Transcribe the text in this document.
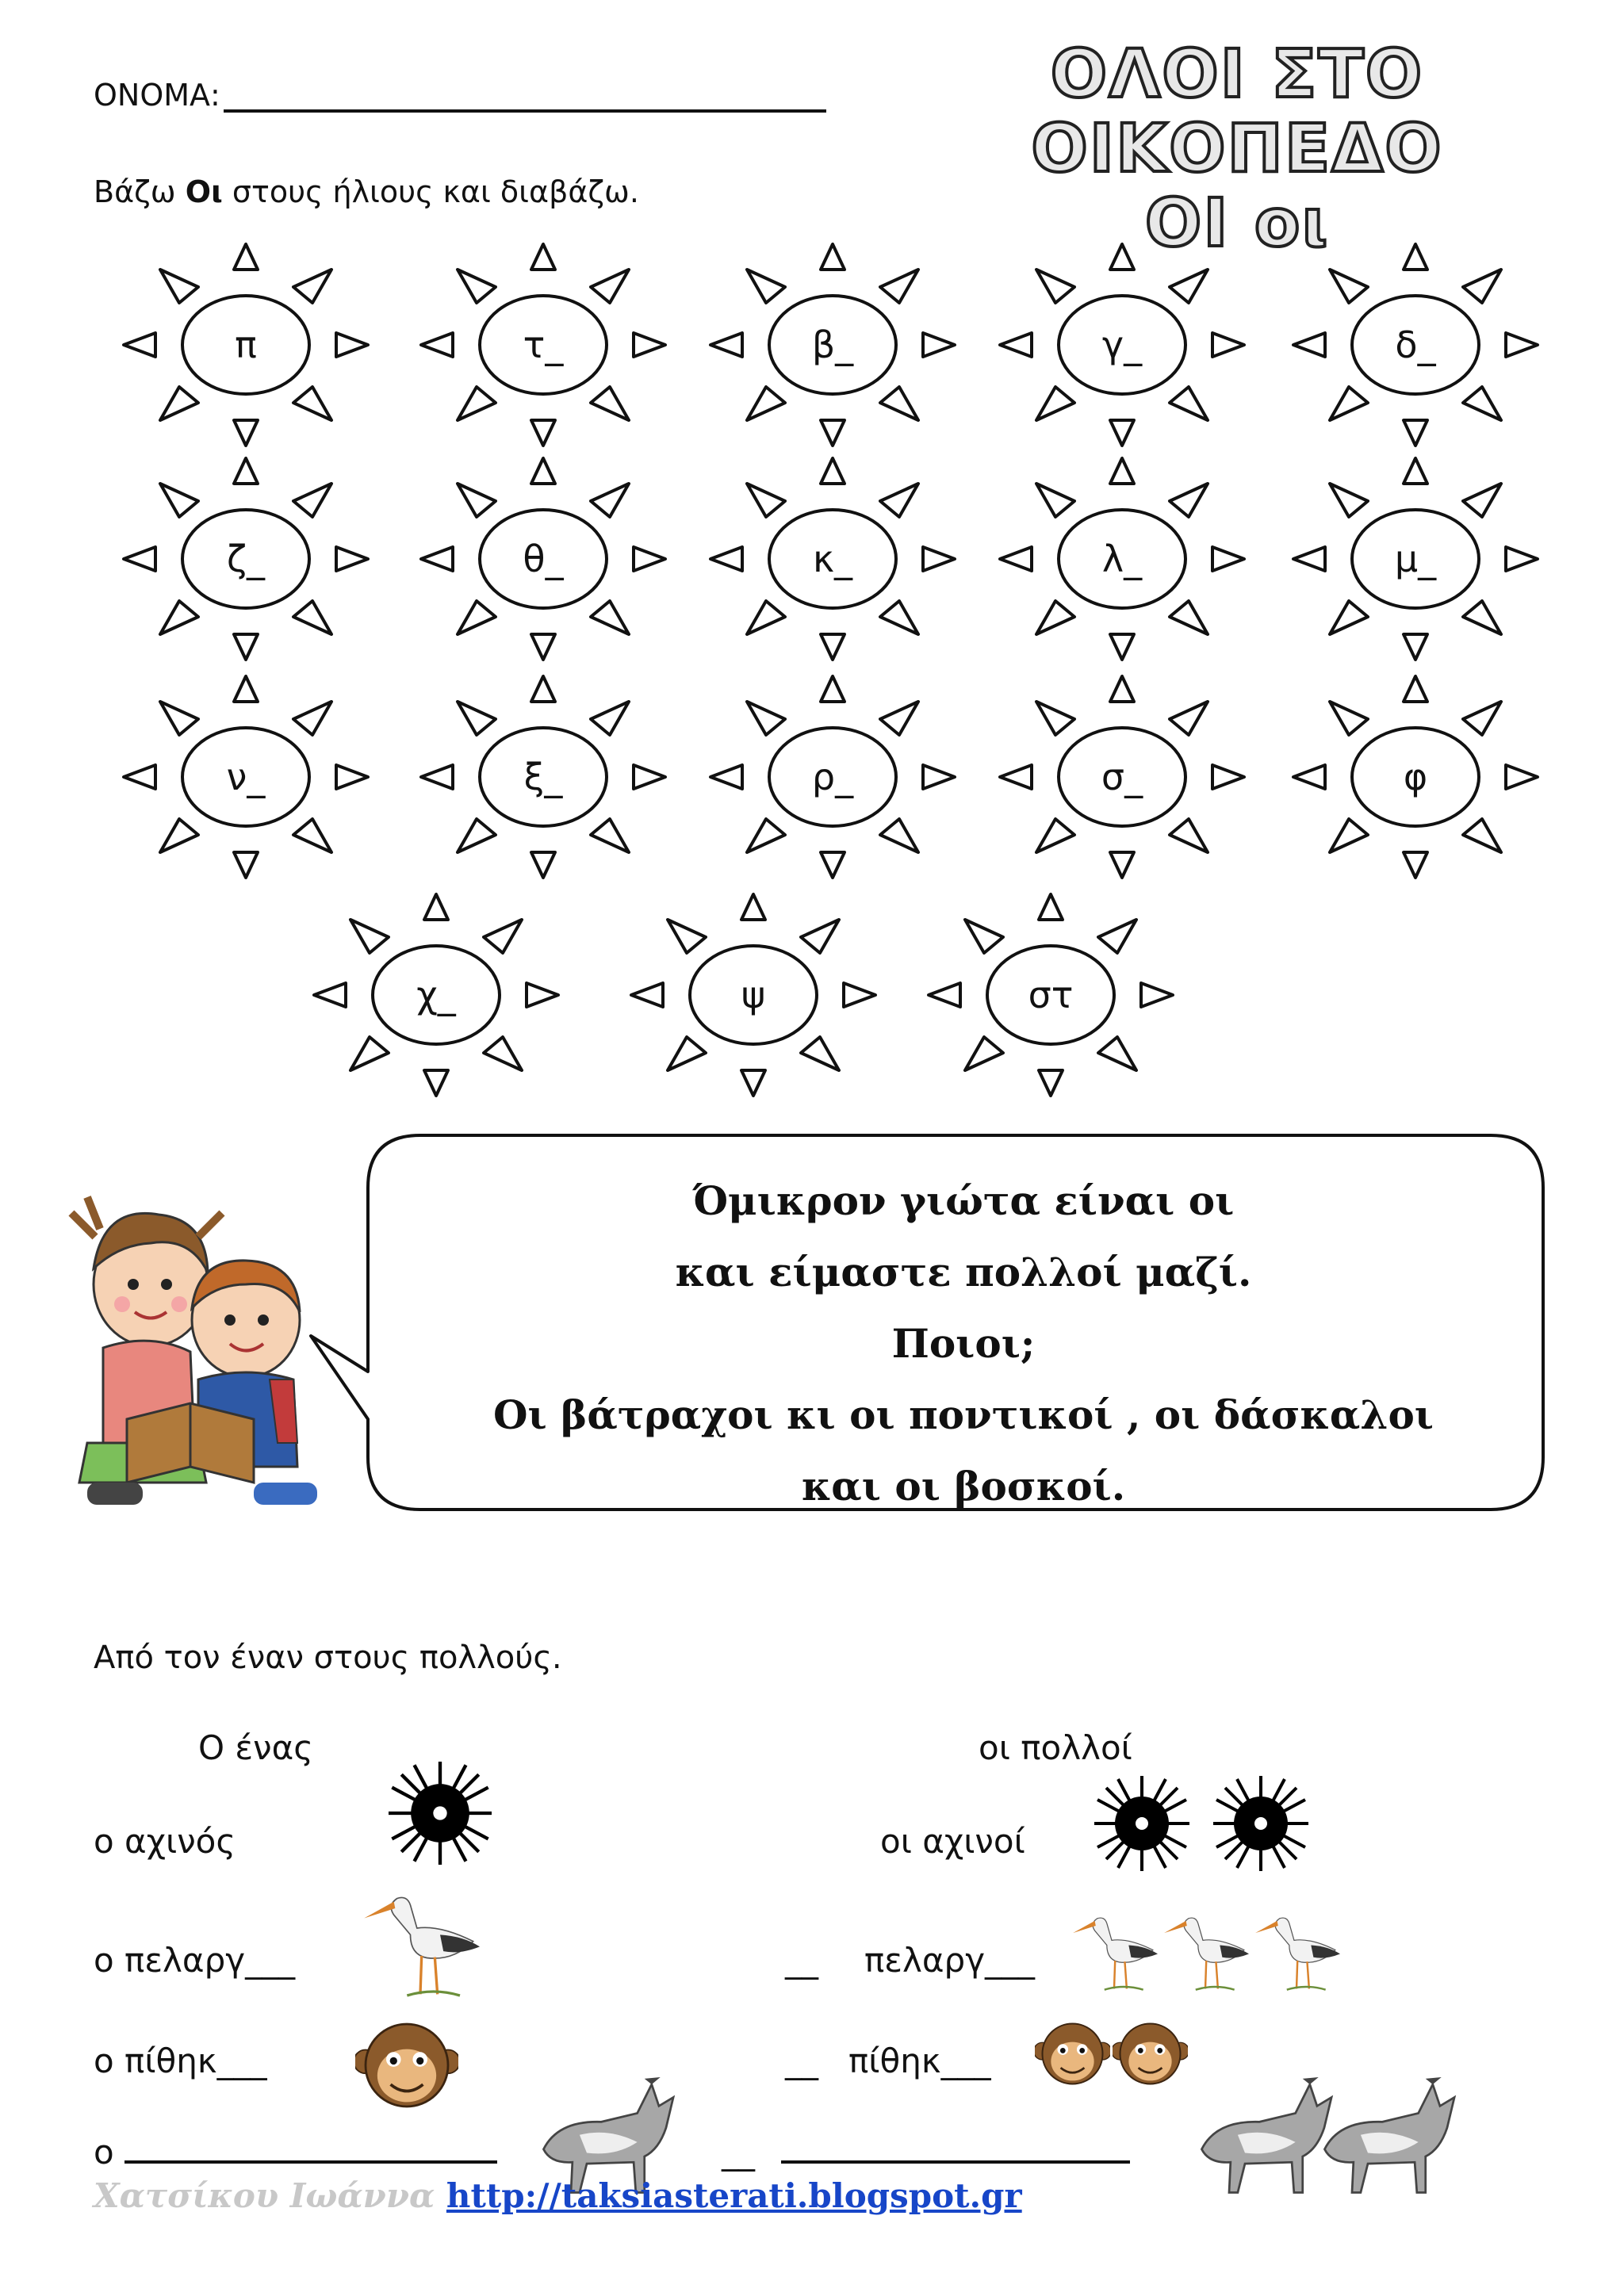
ΟΝΟΜΑ:	ΟΛΟΙ ΣΤΟ ΟΙΚΟΠΕΔΟ
ΟΙ οι
Βάζω Οι στους ήλιους και διαβάζω.
π	τ_	β_	γ_	δ_
ζ_	θ_	κ_	λ_	μ_
ν_	ξ_	ρ_	σ_	φ
χ_	ψ	στ
Όμικρον γιώτα είναι οι
και είμαστε πολλοί μαζί.
Ποιοι;
Οι βάτραχοι κι οι ποντικοί , οι δάσκαλοι
και οι βοσκοί.
Από τον έναν στους πολλούς.
Ο ένας	οι πολλοί
ο αχινός	οι αχινοί
ο πελαργ___	__ πελαργ___
ο πίθηκ___	__ πίθηκ___
ο	__
Χατσίκου Ιωάννα http://taksiasterati.blogspot.gr
